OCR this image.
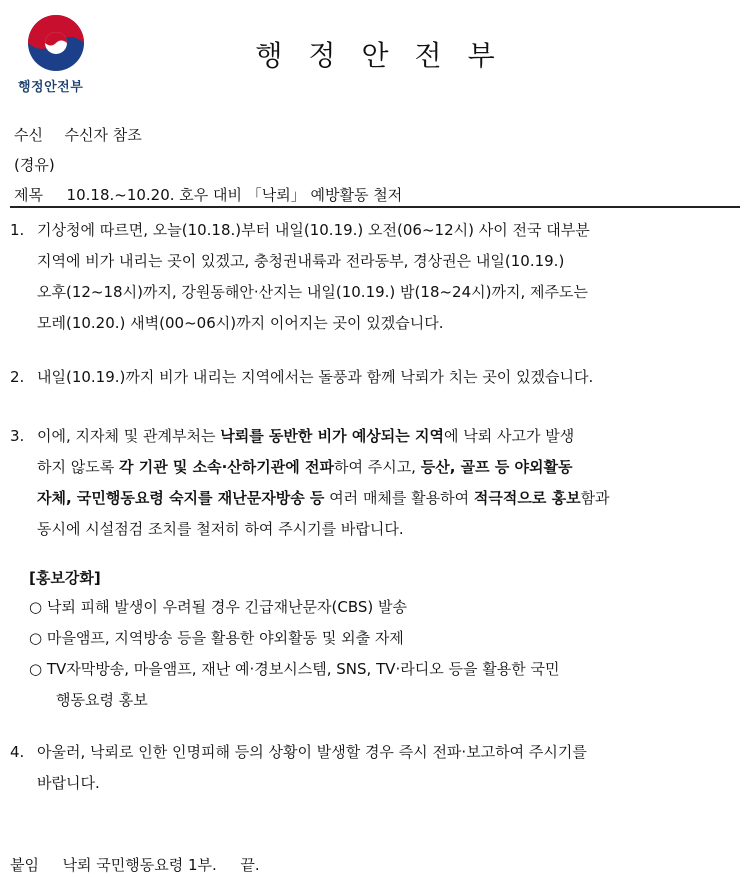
행정안전부
행정안전부
수신 수신자 참조
(경유)
제목 10.18.~10.20. 호우 대비 「낙뢰」 예방활동 철저
1. 기상청에 따르면, 오늘(10.18.)부터 내일(10.19.) 오전(06~12시) 사이 전국 대부분
지역에 비가 내리는 곳이 있겠고, 충청권내륙과 전라동부, 경상권은 내일(10.19.)
오후(12~18시)까지, 강원동해안·산지는 내일(10.19.) 밤(18~24시)까지, 제주도는
모레(10.20.) 새벽(00~06시)까지 이어지는 곳이 있겠습니다.
2. 내일(10.19.)까지 비가 내리는 지역에서는 돌풍과 함께 낙뢰가 치는 곳이 있겠습니다.
3. 이에, 지자체 및 관계부처는 낙뢰를 동반한 비가 예상되는 지역에 낙뢰 사고가 발생
하지 않도록 각 기관 및 소속·산하기관에 전파하여 주시고, 등산, 골프 등 야외활동
자체, 국민행동요령 숙지를 재난문자방송 등 여러 매체를 활용하여 적극적으로 홍보함과
동시에 시설점검 조치를 철저히 하여 주시기를 바랍니다.
[홍보강화]
○ 낙뢰 피해 발생이 우려될 경우 긴급재난문자(CBS) 발송
○ 마을앰프, 지역방송 등을 활용한 야외활동 및 외출 자제
○ TV자막방송, 마을앰프, 재난 예·경보시스템, SNS, TV·라디오 등을 활용한 국민
행동요령 홍보
4. 아울러, 낙뢰로 인한 인명피해 등의 상황이 발생할 경우 즉시 전파·보고하여 주시기를
바랍니다.
붙임 낙뢰 국민행동요령 1부. 끝.
